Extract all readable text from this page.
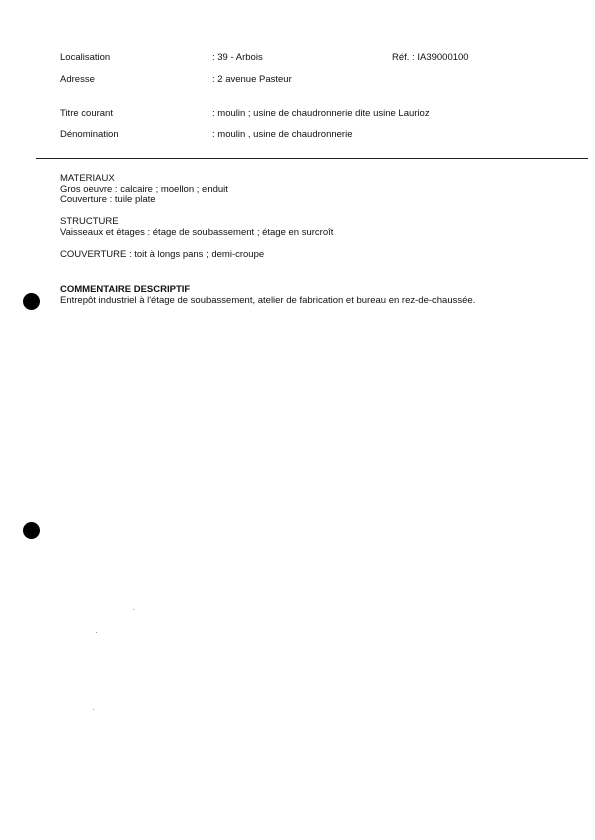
Localisation	: 39 - Arbois	Réf. : IA39000100
Adresse	: 2 avenue Pasteur
Titre courant	: moulin ; usine de chaudronnerie dite usine Laurioz
Dénomination	: moulin , usine de chaudronnerie
MATERIAUX
Gros oeuvre : calcaire ; moellon ; enduit
Couverture : tuile plate
STRUCTURE
Vaisseaux et étages : étage de soubassement ; étage en surcroît
COUVERTURE : toit à longs pans ; demi-croupe
COMMENTAIRE DESCRIPTIF
Entrepôt industriel à l'étage de soubassement, atelier de fabrication et bureau en rez-de-chaussée.
